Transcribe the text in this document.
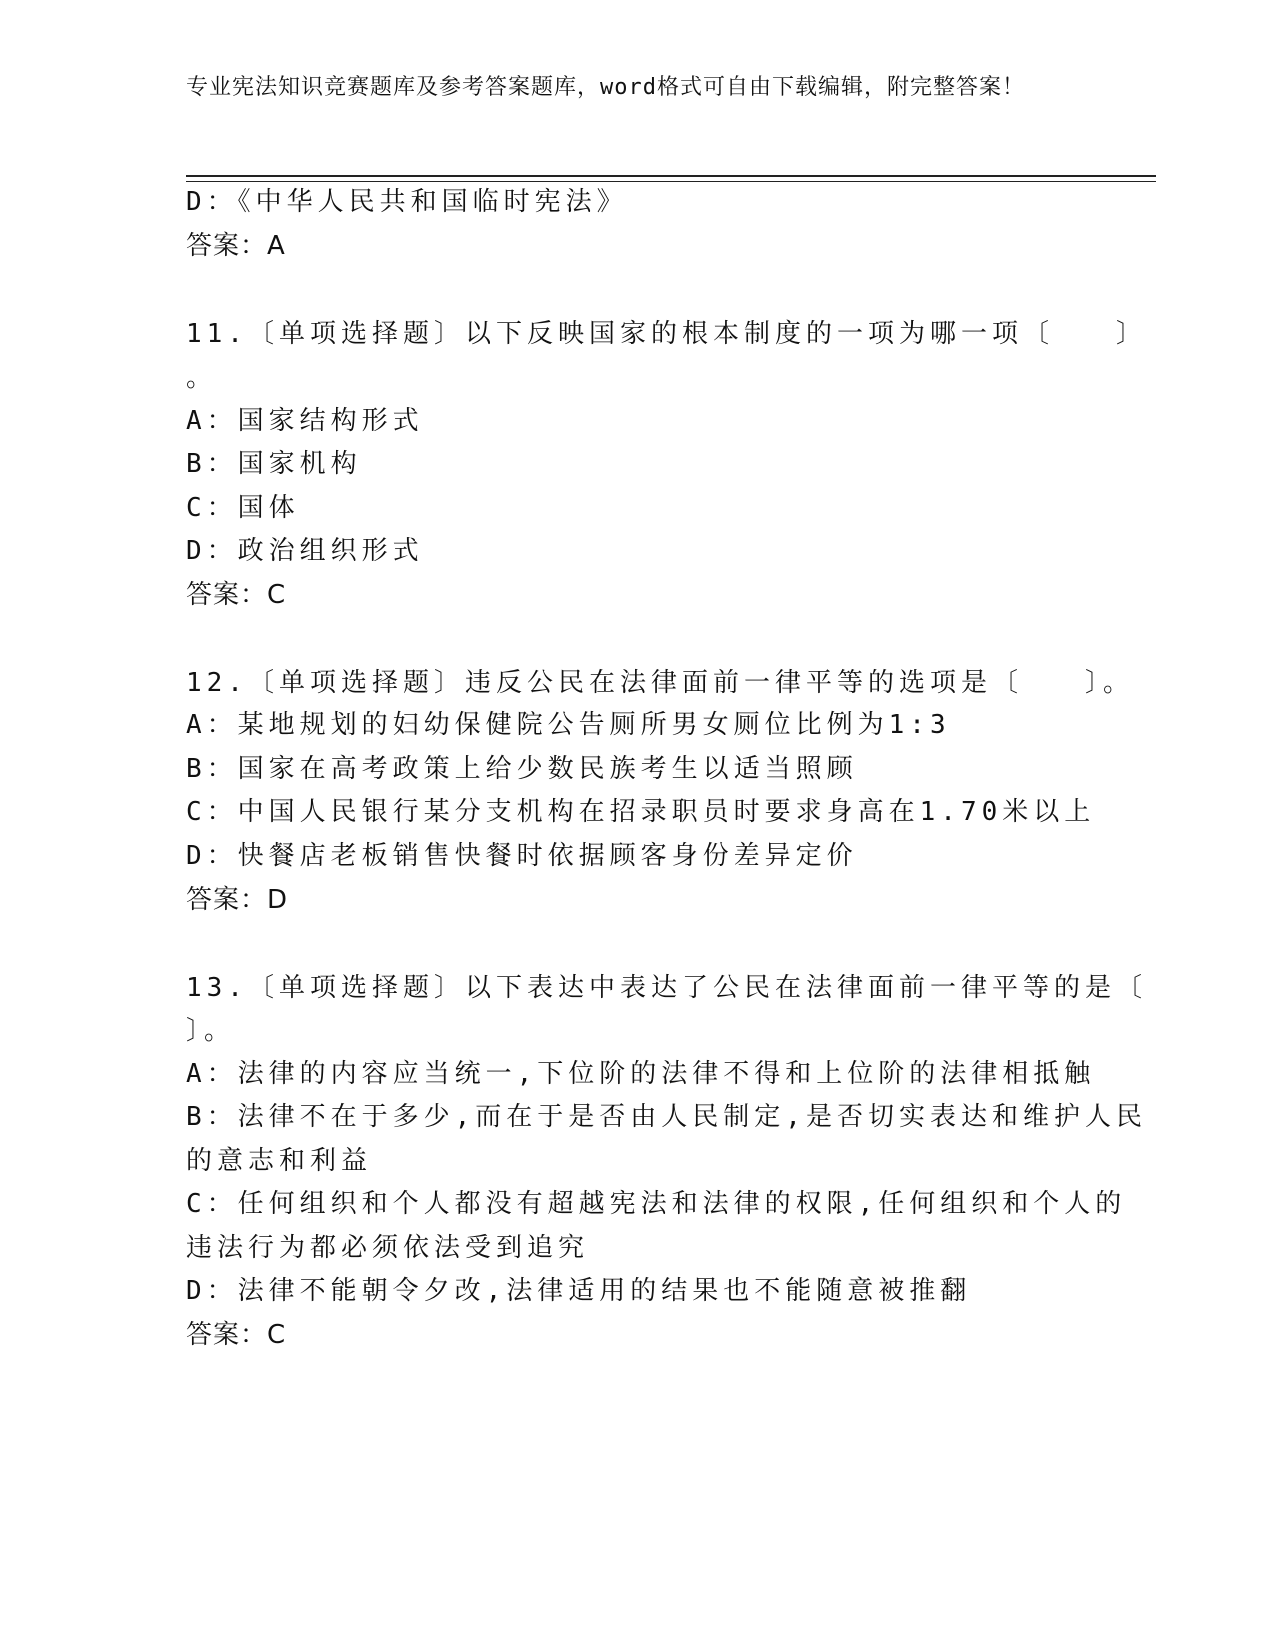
专业宪法知识竞赛题库及参考答案题库，word格式可自由下载编辑，附完整答案！
D：《中华人民共和国临时宪法》
答案：A
11.〔单项选择题〕以下反映国家的根本制度的一项为哪一项〔　　〕
。
A：国家结构形式
B：国家机构
C：国体
D：政治组织形式
答案：C
12.〔单项选择题〕违反公民在法律面前一律平等的选项是〔　　〕。
A：某地规划的妇幼保健院公告厕所男女厕位比例为1:3
B：国家在高考政策上给少数民族考生以适当照顾
C：中国人民银行某分支机构在招录职员时要求身高在1.70米以上
D：快餐店老板销售快餐时依据顾客身份差异定价
答案：D
13.〔单项选择题〕以下表达中表达了公民在法律面前一律平等的是〔
〕。
A：法律的内容应当统一,下位阶的法律不得和上位阶的法律相抵触
B：法律不在于多少,而在于是否由人民制定,是否切实表达和维护人民
的意志和利益
C：任何组织和个人都没有超越宪法和法律的权限,任何组织和个人的
违法行为都必须依法受到追究
D：法律不能朝令夕改,法律适用的结果也不能随意被推翻
答案：C
